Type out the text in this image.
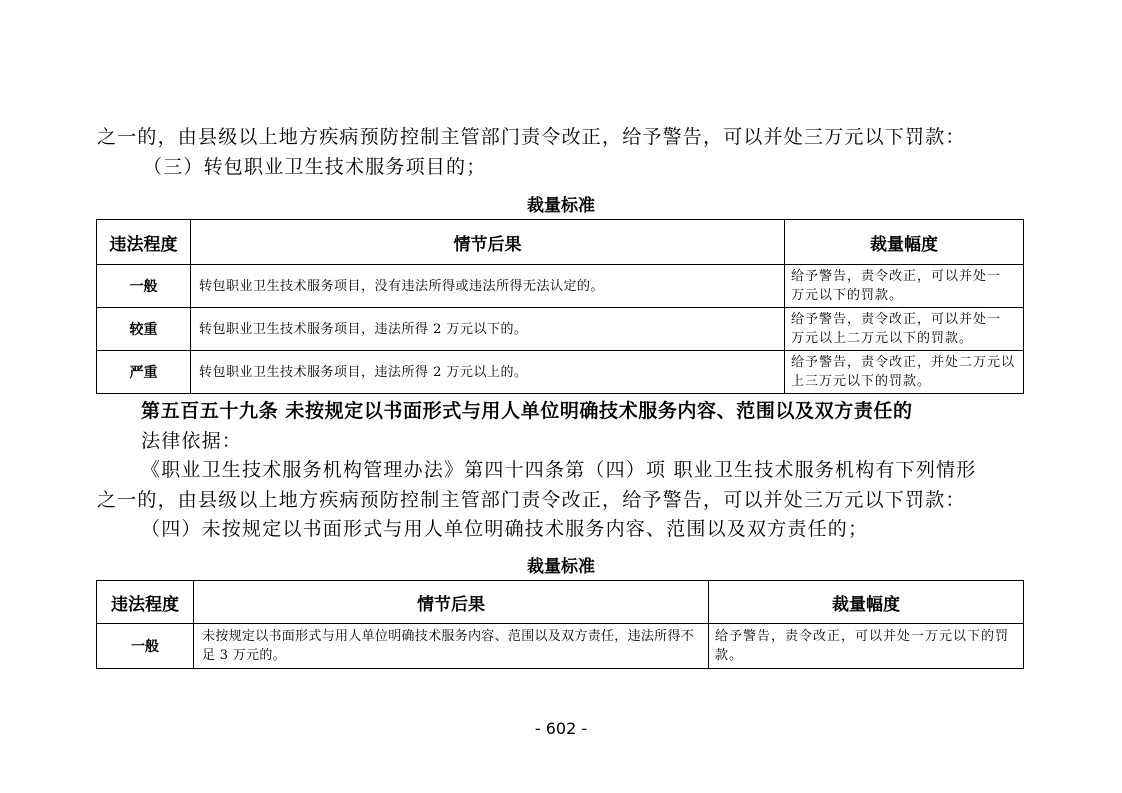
之一的，由县级以上地方疾病预防控制主管部门责令改正，给予警告，可以并处三万元以下罚款：
（三）转包职业卫生技术服务项目的；
裁量标准
违法程度	情节后果	裁量幅度
一般	转包职业卫生技术服务项目，没有违法所得或违法所得无法认定的。	给予警告，责令改正，可以并处一 万元以下的罚款。
较重	转包职业卫生技术服务项目，违法所得 2 万元以下的。	给予警告，责令改正，可以并处一 万元以上二万元以下的罚款。
严重	转包职业卫生技术服务项目，违法所得 2 万元以上的。	给予警告，责令改正，并处二万元以上三万元以下的罚款。
第五百五十九条 未按规定以书面形式与用人单位明确技术服务内容、范围以及双方责任的
法律依据：
《职业卫生技术服务机构管理办法》第四十四条第（四）项 职业卫生技术服务机构有下列情形
之一的，由县级以上地方疾病预防控制主管部门责令改正，给予警告，可以并处三万元以下罚款：
（四）未按规定以书面形式与用人单位明确技术服务内容、范围以及双方责任的；
裁量标准
违法程度	情节后果	裁量幅度
一般	未按规定以书面形式与用人单位明确技术服务内容、范围以及双方责任，违法所得不足 3 万元的。	给予警告，责令改正，可以并处一万元以下的罚款。
- 602 -
